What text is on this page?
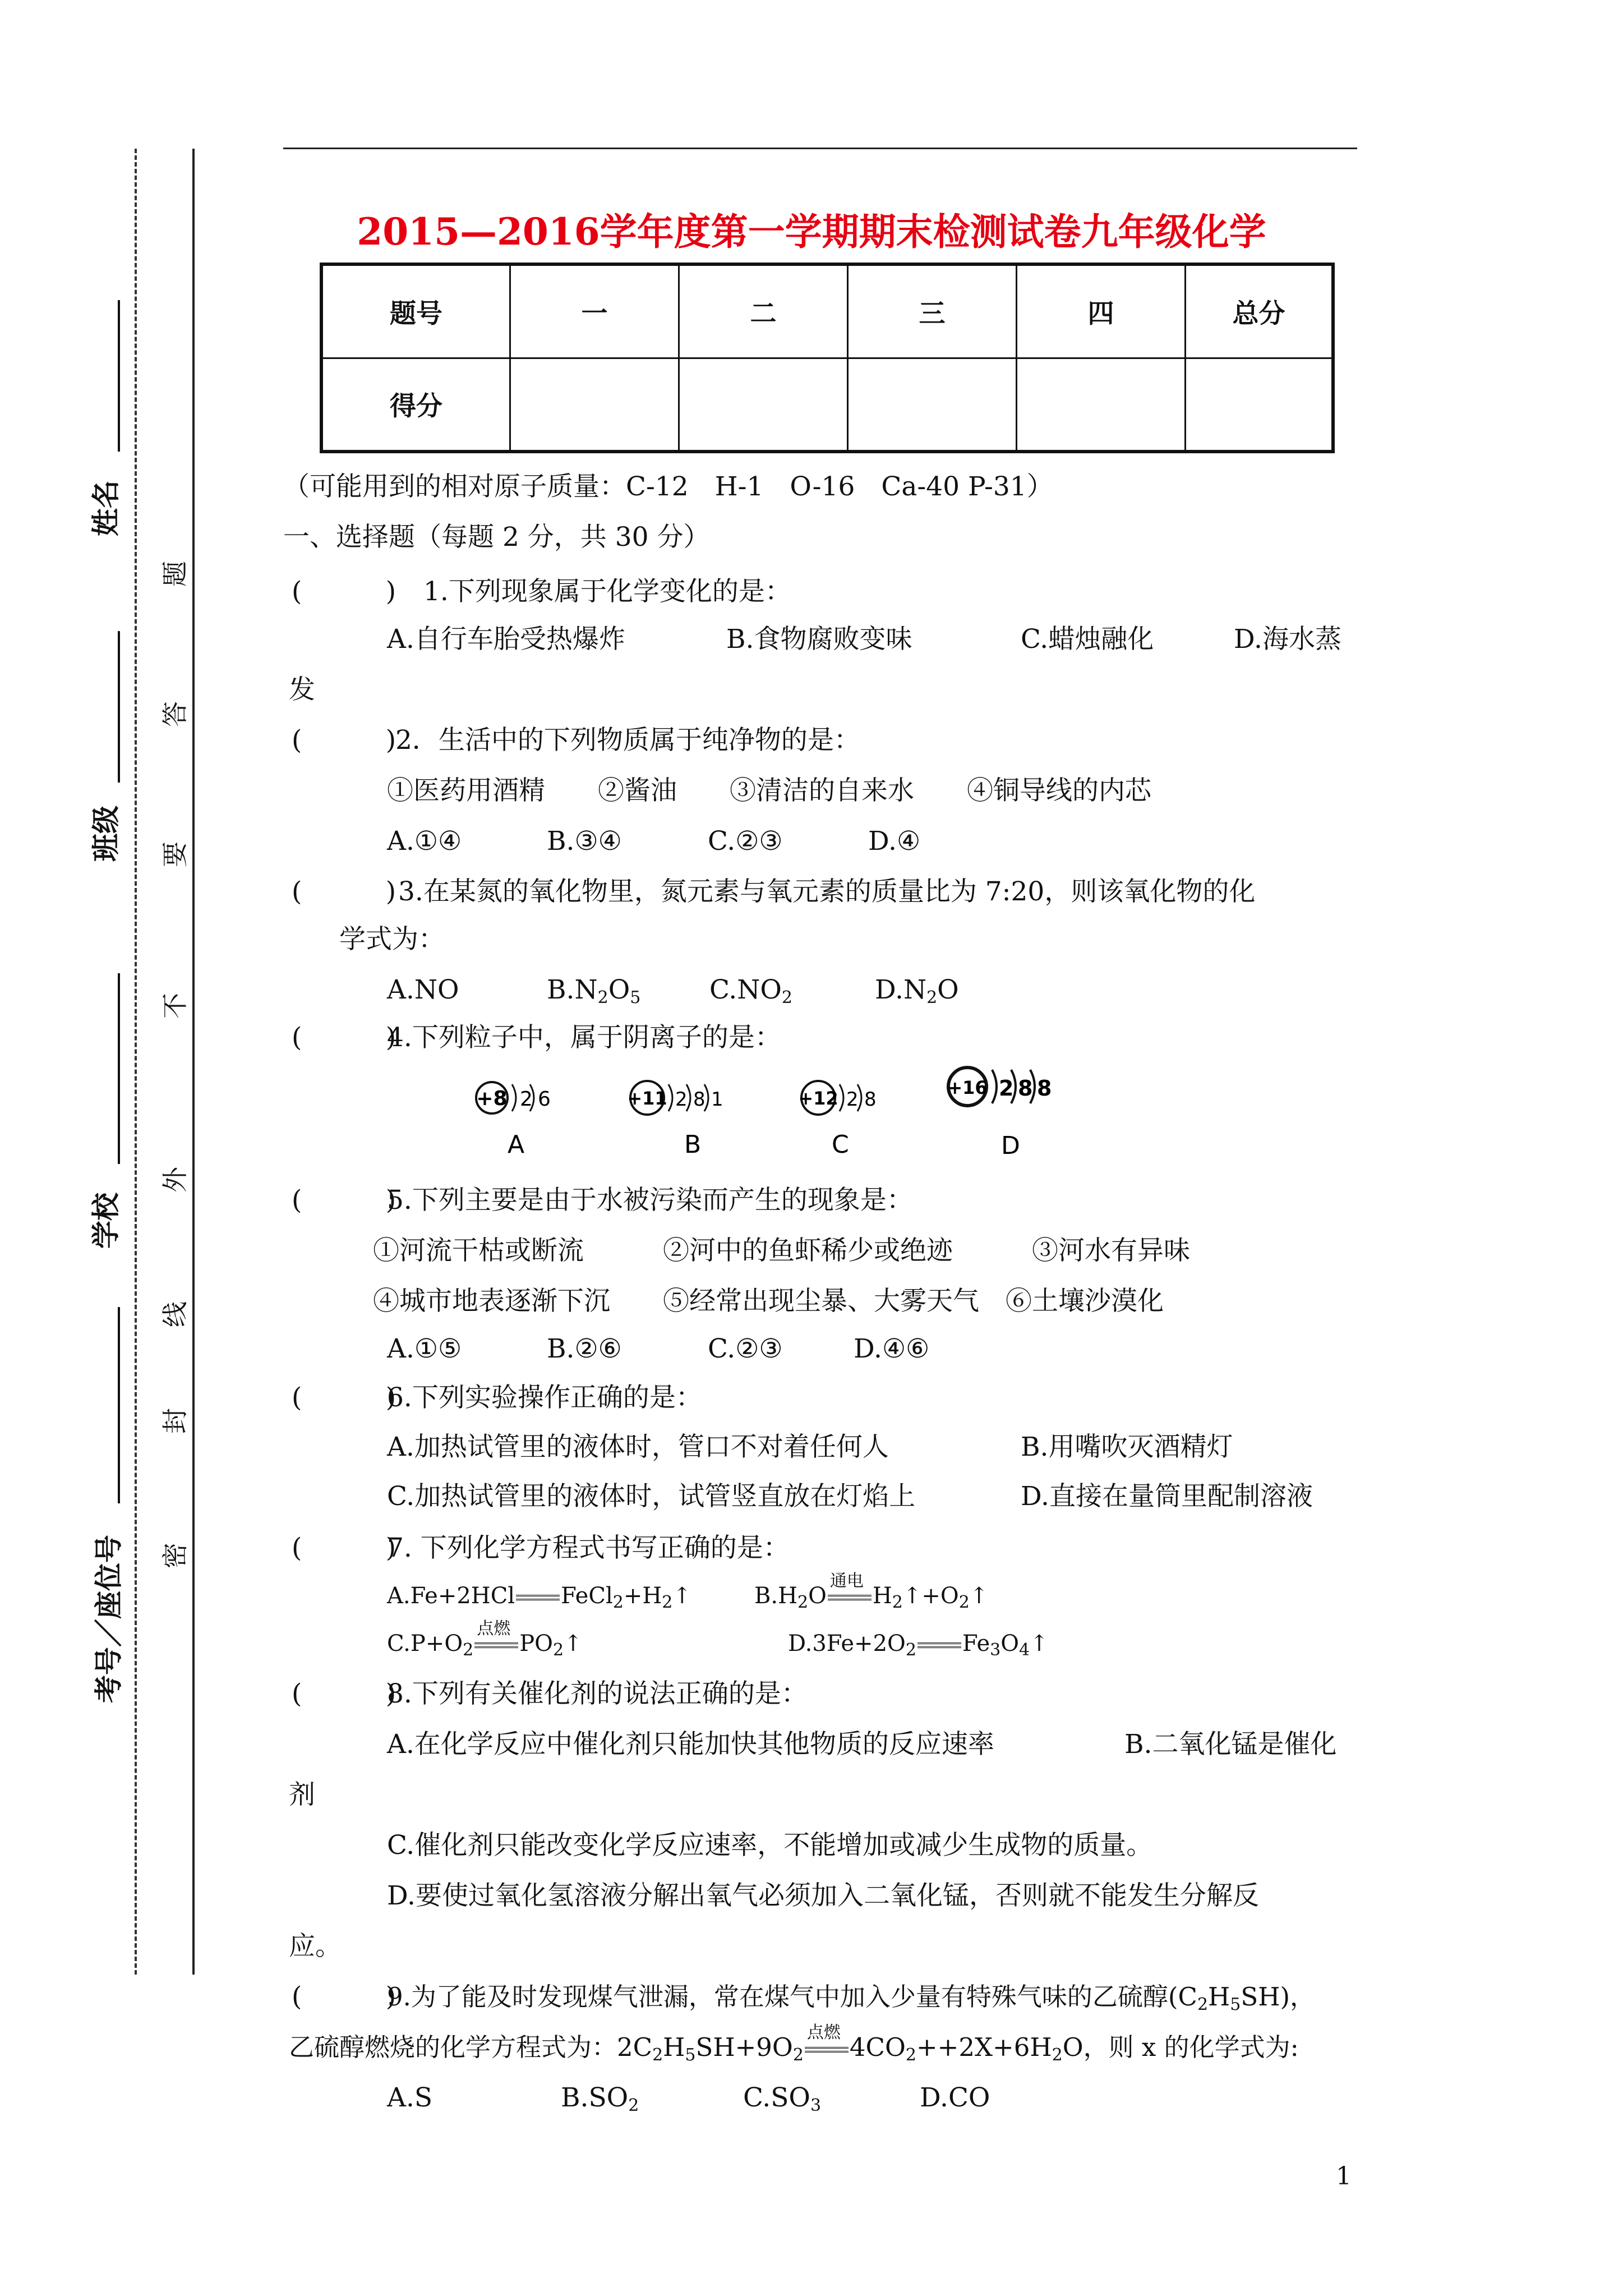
2015—2016学年度第一学期期末检测试卷九年级化学
题号	一	二	三	四	总分
得分					
姓名
班级
学校
考号／座位号
题
答
要
不
外
线
封
密
（可能用到的相对原子质量：C-12　H-1　O-16　Ca-40 P-31）
一、选择题（每题 2 分，共 30 分）
(          ) 1.下列现象属于化学变化的是：
A.自行车胎受热爆炸	B.食物腐败变味	C.蜡烛融化	D.海水蒸
发
(          )
2．生活中的下列物质属于纯净物的是：
①医药用酒精　　②酱油　　③清洁的自来水　　④铜导线的内芯
A.①④	B.③④	C.②③	D.④
(          ) 3.在某氮的氧化物里，氮元素与氧元素的质量比为 7:20，则该氧化物的化
学式为：
A.NO	$B.N_2O_5$	$C.NO_2$	$D.N_2O$
(          )
4.下列粒子中，属于阴离子的是：
+8 2 6
A
+11 2 8 1
B
+12 2 8
C
+16 2 8 8
D
(          )
5.下列主要是由于水被污染而产生的现象是：
①河流干枯或断流　　　②河中的鱼虾稀少或绝迹　　　③河水有异味
④城市地表逐渐下沉　　⑤经常出现尘暴、大雾天气　⑥土壤沙漠化
A.①⑤	B.②⑥	C.②③	D.④⑥
(          )
6.下列实验操作正确的是：
A.加热试管里的液体时，管口不对着任何人	B.用嘴吹灭酒精灯
C.加热试管里的液体时，试管竖直放在灯焰上	D.直接在量筒里配制溶液
(          )
7. 下列化学方程式书写正确的是：
A.Fe+2HCl $FeCl_2+H_2↑$	$B.H_2O$
通电
$H_2↑+O_2↑$
$C.P+O_2$
点燃
$PO_2↑$	$D.3Fe+2O_2$ $Fe_3O_4↑$
(          )
8.下列有关催化剂的说法正确的是：
A.在化学反应中催化剂只能加快其他物质的反应速率	B.二氧化锰是催化
剂
C.催化剂只能改变化学反应速率，不能增加或减少生成物的质量。
D.要使过氧化氢溶液分解出氧气必须加入二氧化锰，否则就不能发生分解反
应。
(          )
9.为了能及时发现煤气泄漏，常在煤气中加入少量有特殊气味的乙硫醇$(C_2H_5SH)$，
乙硫醇燃烧的化学方程式为：$2C_2H_5SH+9O_2$
点燃 $4CO_2++2X+6H_2O$，则 x 的化学式为:
A.S	$B.SO_2$	$C.SO_3$	D.CO
1
